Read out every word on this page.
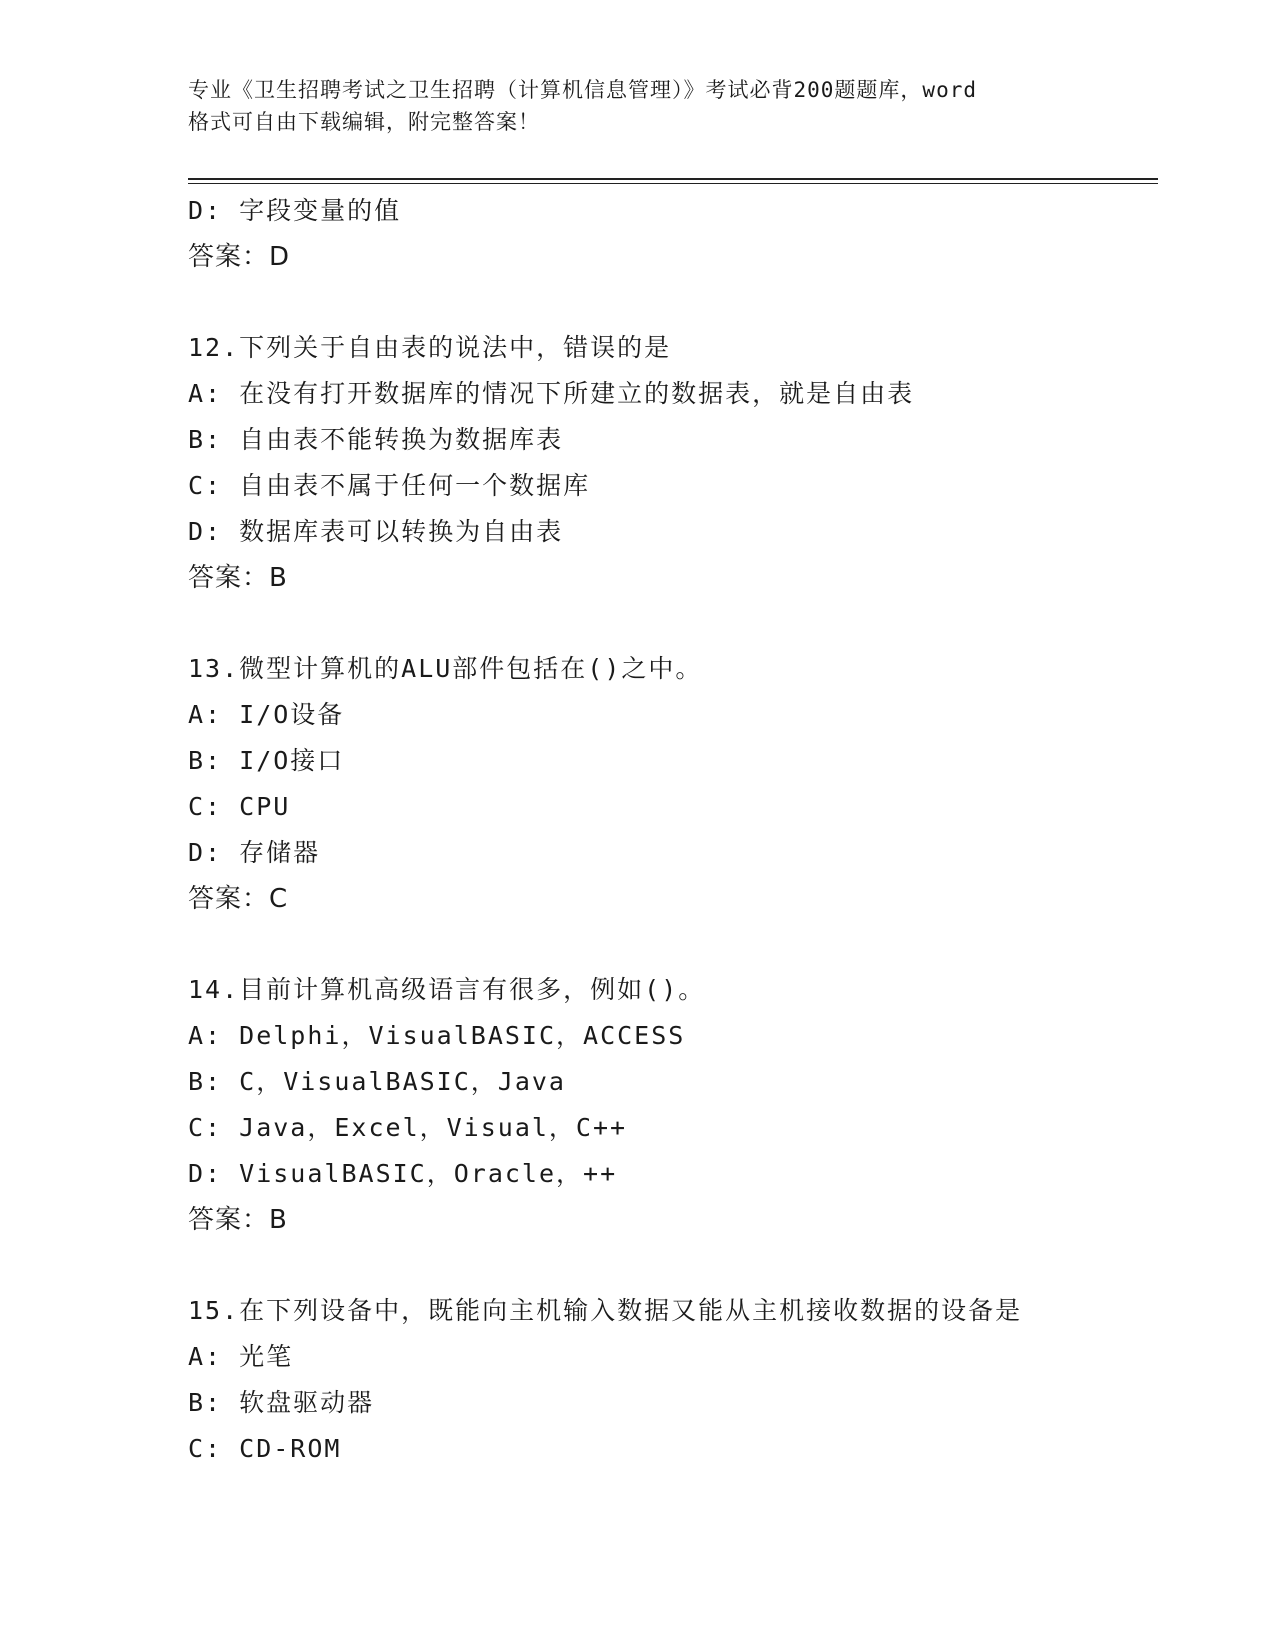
专业《卫生招聘考试之卫生招聘（计算机信息管理）》考试必背200题题库，word
格式可自由下载编辑，附完整答案！
D: 字段变量的值
答案：D
12.下列关于自由表的说法中，错误的是
A: 在没有打开数据库的情况下所建立的数据表，就是自由表
B: 自由表不能转换为数据库表
C: 自由表不属于任何一个数据库
D: 数据库表可以转换为自由表
答案：B
13.微型计算机的ALU部件包括在()之中。
A: I/O设备
B: I/O接口
C: CPU
D: 存储器
答案：C
14.目前计算机高级语言有很多，例如()。
A: Delphi，VisualBASIC，ACCESS
B: C，VisualBASIC，Java
C: Java，Excel，Visual，C++
D: VisualBASIC，Oracle，++
答案：B
15.在下列设备中，既能向主机输入数据又能从主机接收数据的设备是
A: 光笔
B: 软盘驱动器
C: CD-ROM
